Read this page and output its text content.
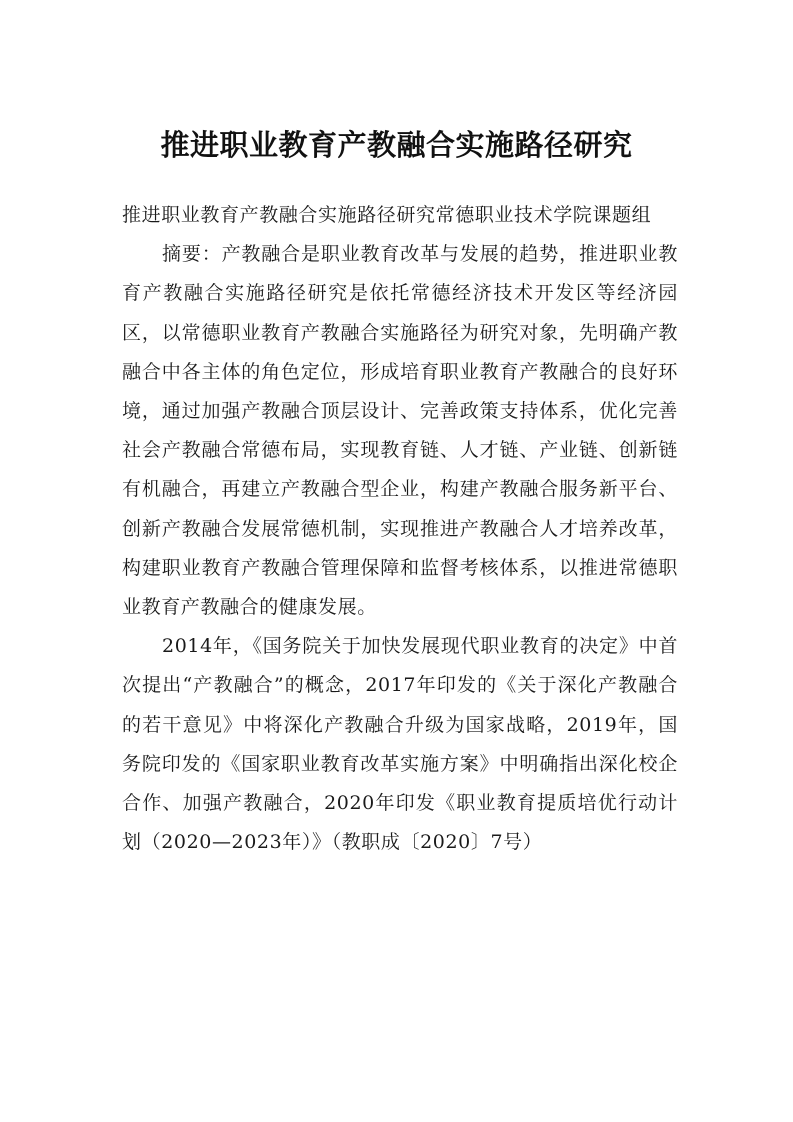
推进职业教育产教融合实施路径研究

推进职业教育产教融合实施路径研究常德职业技术学院课题组

摘要：产教融合是职业教育改革与发展的趋势，推进职业教育产教融合实施路径研究是依托常德经济技术开发区等经济园区，以常德职业教育产教融合实施路径为研究对象，先明确产教融合中各主体的角色定位，形成培育职业教育产教融合的良好环境，通过加强产教融合顶层设计、完善政策支持体系，优化完善社会产教融合常德布局，实现教育链、人才链、产业链、创新链有机融合，再建立产教融合型企业，构建产教融合服务新平台、创新产教融合发展常德机制，实现推进产教融合人才培养改革，构建职业教育产教融合管理保障和监督考核体系，以推进常德职业教育产教融合的健康发展。

2014年，《国务院关于加快发展现代职业教育的决定》中首次提出“产教融合”的概念，2017年印发的《关于深化产教融合的若干意见》中将深化产教融合升级为国家战略，2019年，国务院印发的《国家职业教育改革实施方案》中明确指出深化校企合作、加强产教融合，2020年印发《职业教育提质培优行动计划（2020—2023年）》（教职成〔2020〕7号）
